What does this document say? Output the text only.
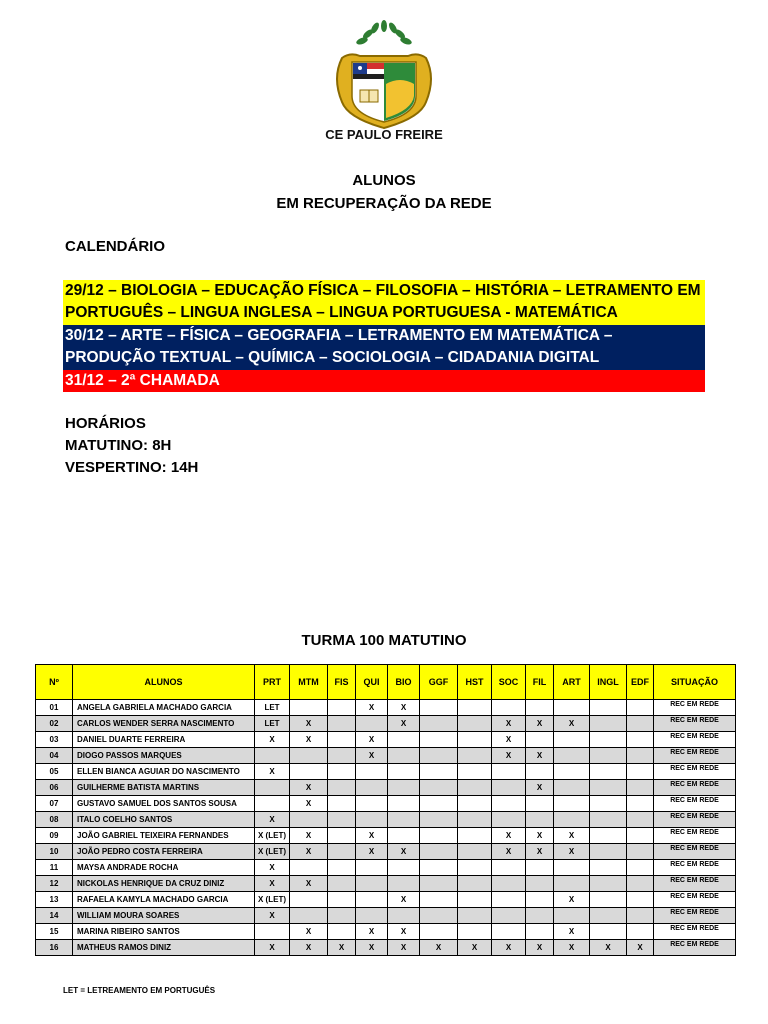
CE PAULO FREIRE
ALUNOS
EM RECUPERAÇÃO DA REDE
CALENDÁRIO
29/12 – BIOLOGIA – EDUCAÇÃO FÍSICA – FILOSOFIA – HISTÓRIA – LETRAMENTO EM PORTUGUÊS – LINGUA INGLESA – LINGUA PORTUGUESA - MATEMÁTICA
30/12 – ARTE – FÍSICA – GEOGRAFIA – LETRAMENTO EM MATEMÁTICA – PRODUÇÃO TEXTUAL – QUÍMICA – SOCIOLOGIA – CIDADANIA DIGITAL
31/12 – 2ª CHAMADA
HORÁRIOS
MATUTINO: 8H
VESPERTINO: 14H
TURMA 100 MATUTINO
Nº	ALUNOS	PRT	MTM	FIS	QUI	BIO	GGF	HST	SOC	FIL	ART	INGL	EDF	SITUAÇÃO
01	ANGELA GABRIELA MACHADO GARCIA	LET			X	X								REC EM REDE
02	CARLOS WENDER SERRA NASCIMENTO	LET	X			X			X	X	X			REC EM REDE
03	DANIEL DUARTE FERREIRA	X	X		X				X					REC EM REDE
04	DIOGO PASSOS MARQUES				X				X	X				REC EM REDE
05	ELLEN BIANCA AGUIAR DO NASCIMENTO	X												REC EM REDE
06	GUILHERME BATISTA MARTINS		X							X				REC EM REDE
07	GUSTAVO SAMUEL DOS SANTOS SOUSA		X											REC EM REDE
08	ITALO COELHO SANTOS	X												REC EM REDE
09	JOÃO GABRIEL TEIXEIRA FERNANDES	X (LET)	X		X				X	X	X			REC EM REDE
10	JOÃO PEDRO COSTA FERREIRA	X (LET)	X		X	X			X	X	X			REC EM REDE
11	MAYSA ANDRADE ROCHA	X												REC EM REDE
12	NICKOLAS HENRIQUE DA CRUZ DINIZ	X	X											REC EM REDE
13	RAFAELA KAMYLA MACHADO GARCIA	X (LET)				X					X			REC EM REDE
14	WILLIAM MOURA SOARES	X												REC EM REDE
15	MARINA RIBEIRO SANTOS		X		X	X					X			REC EM REDE
16	MATHEUS RAMOS DINIZ	X	X	X	X	X	X	X	X	X	X	X	X	REC EM REDE
LET = LETREAMENTO EM PORTUGUÊS
